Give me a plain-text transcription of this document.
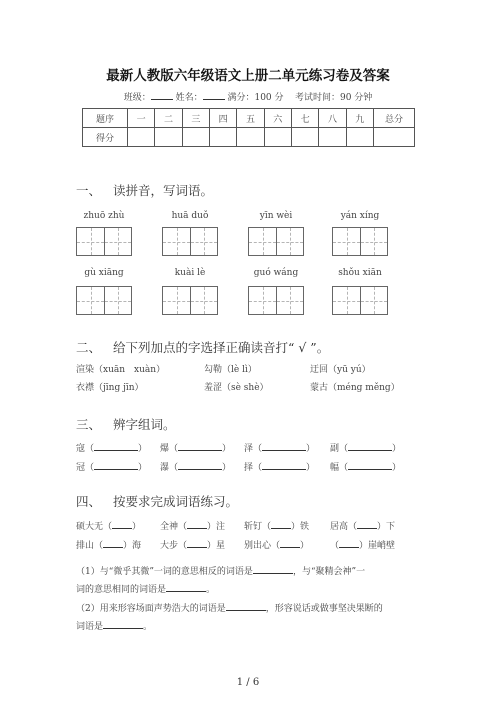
最新人教版六年级语文上册二单元练习卷及答案
班级：	姓名：	满分：100 分 考试时间：90 分钟
题序	一	二	三	四	五	六	七	八	九	总分
得分										
一、 读拼音，写词语。
zhuō zhù	huā duǒ	yīn wèi	yán xíng
gù xiāng	kuài lè	guó wáng	shǒu xiān
二、 给下列加点的字选择正确读音打“ √ ”。
渲染（xuān　xuàn）	勾勒（lè lì）	迂回（yū yú）
衣襟（jīng jīn）	羞涩（sè shè）	蒙古（méng měng）
三、 辨字组词。
寇（	） 爆（	） 泽（	） 副（	）
冠（	） 瀑（	） 择（	） 幅（	）
四、 按要求完成词语练习。
硕大无（ ） 全神（ ）注 斩钉（ ）铁 居高（ ）下
排山（ ）海 大步（ ）星 别出心（ ） （ ）崖峭壁
（1）与“微乎其微”一词的意思相反的词语是	，与“聚精会神”一
词的意思相同的词语是	。
（2）用来形容场面声势浩大的词语是	，形容说话或做事坚决果断的
词语是	。
1 / 6
